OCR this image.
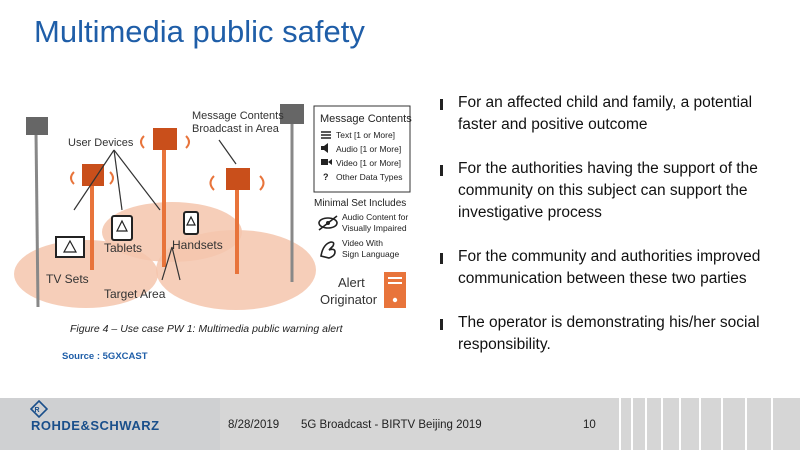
Multimedia public safety
Message Contents
Broadcast in Area
User Devices
TV Sets
Tablets Handsets
Target Area
Alert
Originator
Message Contents
Text [1 or More]
Audio [1 or More]
Video [1 or More]
Other Data Types
?
Minimal Set Includes
Audio Content for
Visually Impaired
Video With
Sign Language
Figure 4 – Use case PW 1: Multimedia public warning alert
Source : 5GXCAST
For an affected child and family, a potential faster and positive outcome
For the authorities having the support of the community on this subject can support the investigative process
For the community and authorities improved communication between these two parties
The operator is demonstrating his/her social responsibility.
R
ROHDE&SCHWARZ	8/28/2019 5G Broadcast - BIRTV Beijing 2019	10
